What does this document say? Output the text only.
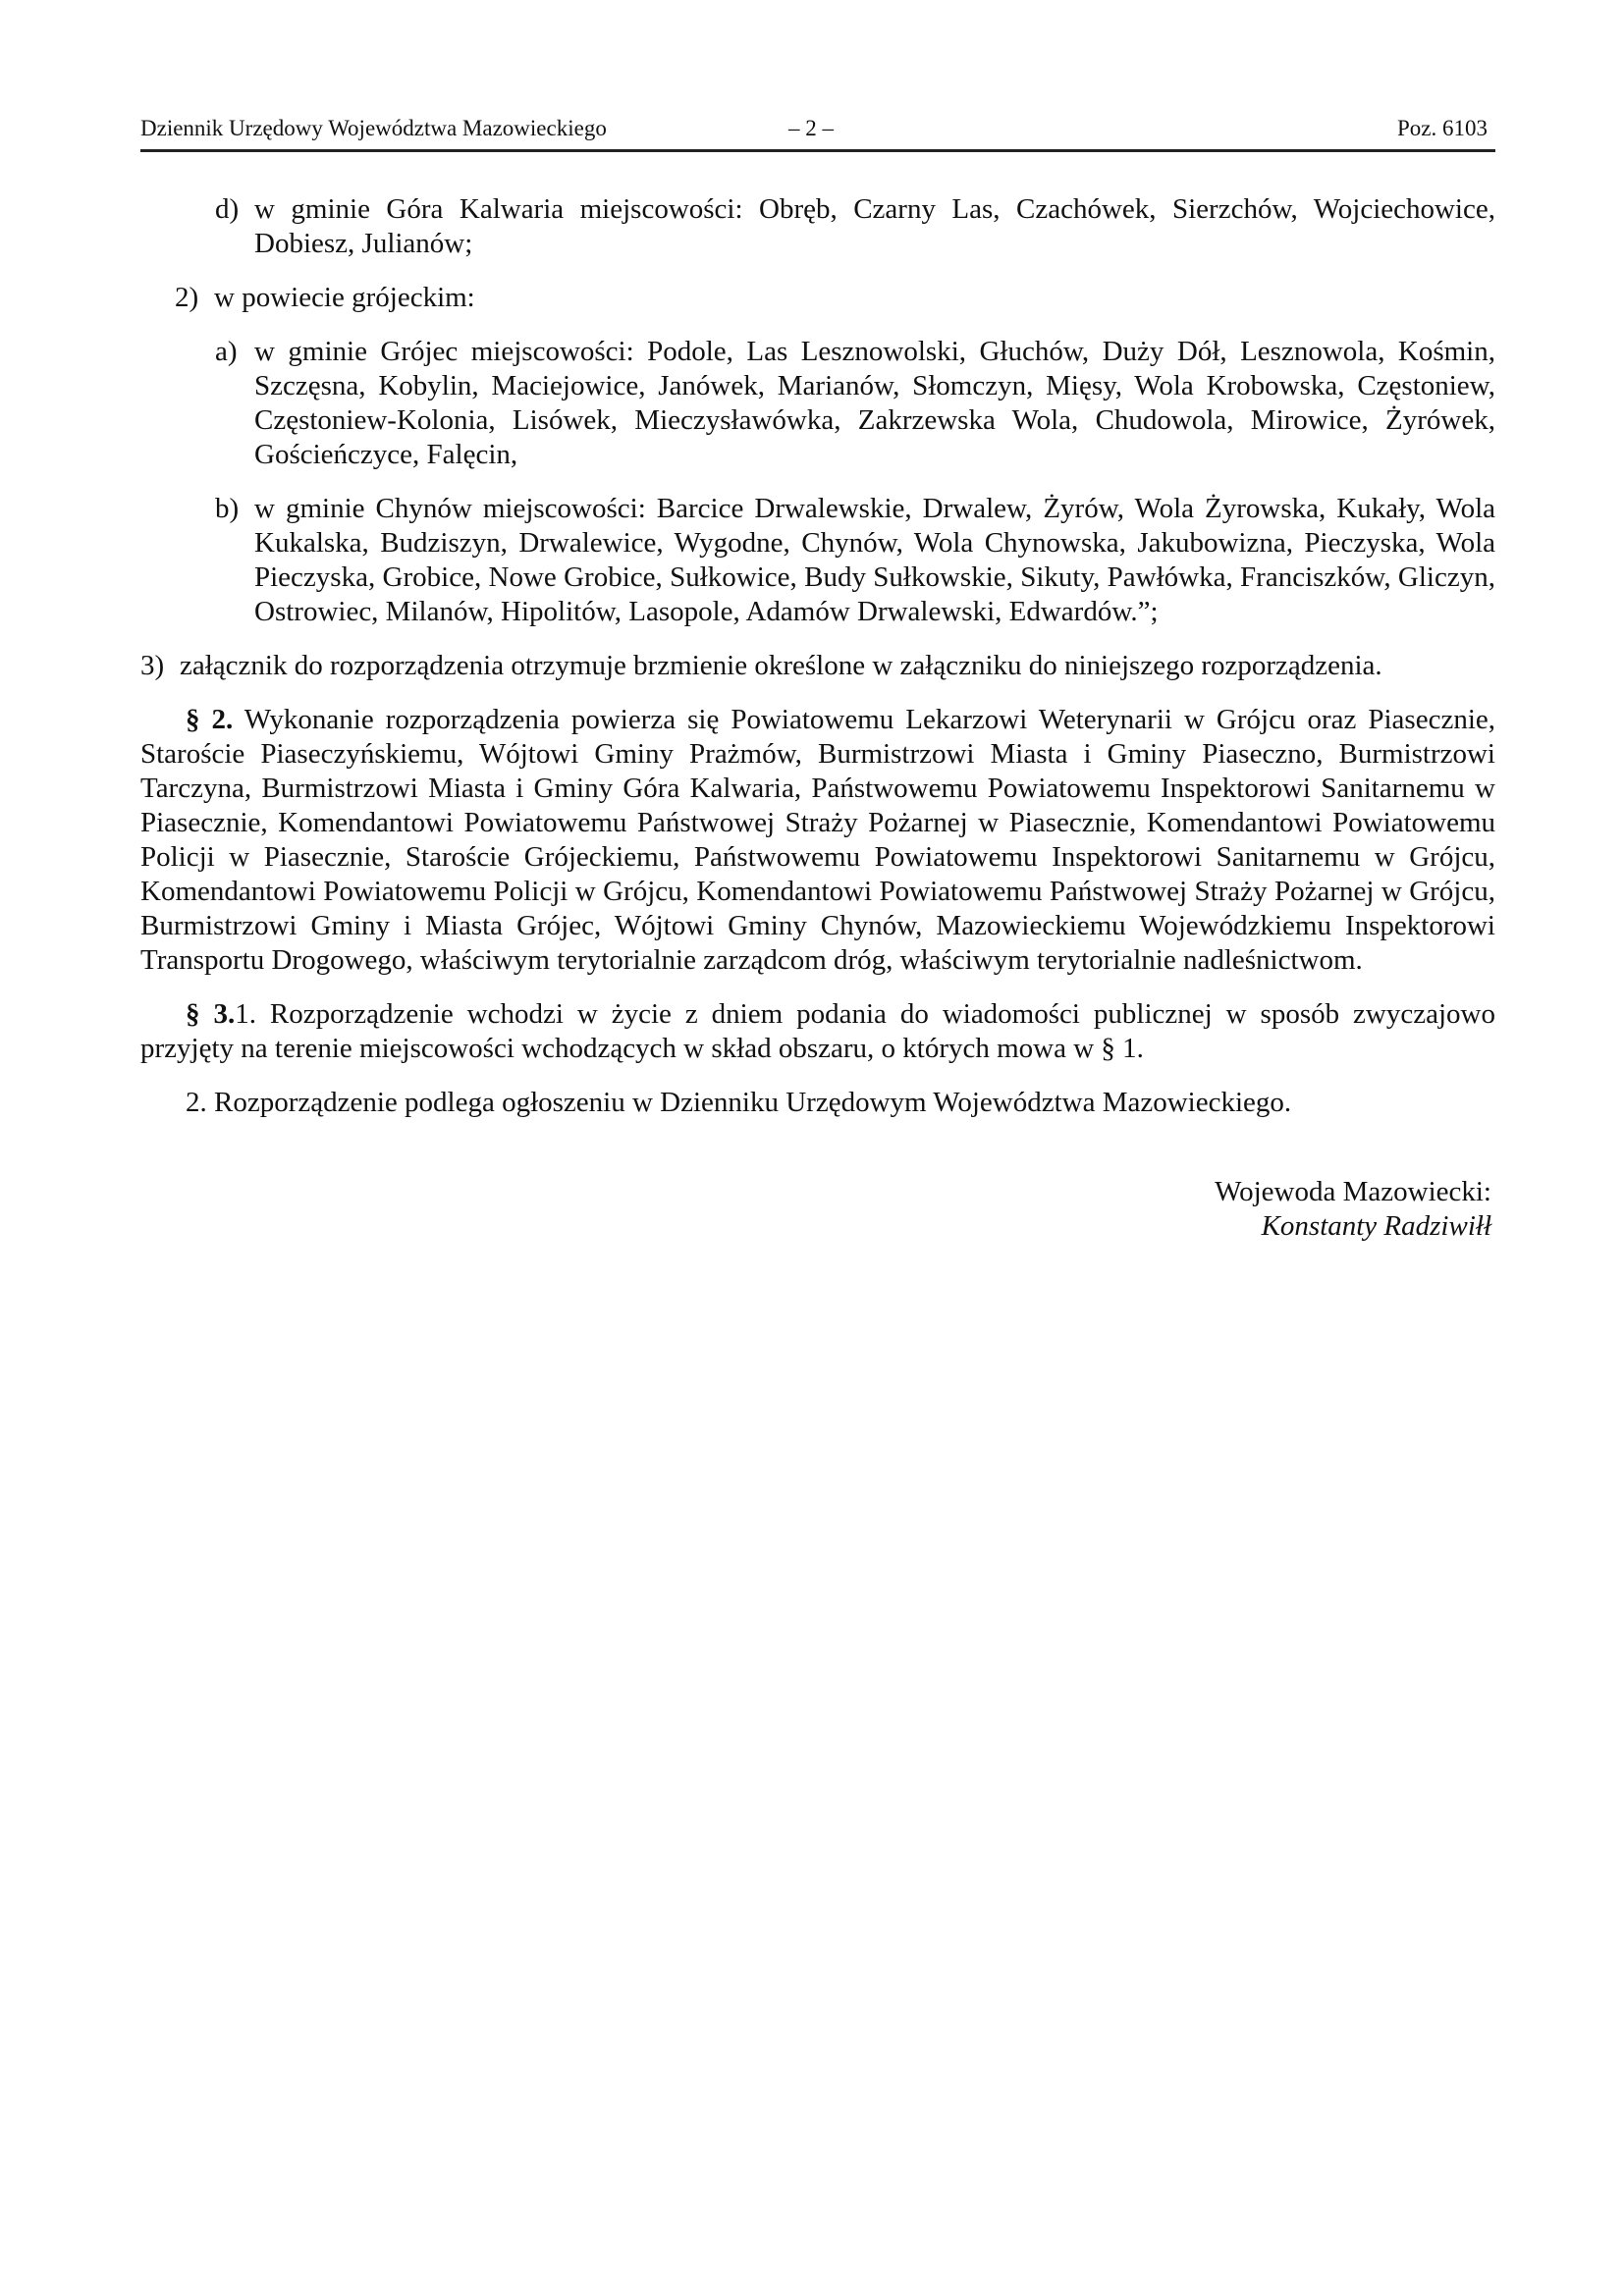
Dziennik Urzędowy Województwa Mazowieckiego	– 2 –	Poz. 6103
d) w gminie Góra Kalwaria miejscowości: Obręb, Czarny Las, Czachówek, Sierzchów, Wojciechowice, Dobiesz, Julianów;
2) w powiecie grójeckim:
a) w gminie Grójec miejscowości: Podole, Las Lesznowolski, Głuchów, Duży Dół, Lesznowola, Kośmin, Szczęsna, Kobylin, Maciejowice, Janówek, Marianów, Słomczyn, Mięsy, Wola Krobowska, Częstoniew, Częstoniew-Kolonia, Lisówek, Mieczysławówka, Zakrzewska Wola, Chudowola, Mirowice, Żyrówek, Gościeńczyce, Falęcin,
b) w gminie Chynów miejscowości: Barcice Drwalewskie, Drwalew, Żyrów, Wola Żyrowska, Kukały, Wola Kukalska, Budziszyn, Drwalewice, Wygodne, Chynów, Wola Chynowska, Jakubowizna, Pieczyska, Wola Pieczyska, Grobice, Nowe Grobice, Sułkowice, Budy Sułkowskie, Sikuty, Pawłówka, Franciszków, Gliczyn, Ostrowiec, Milanów, Hipolitów, Lasopole, Adamów Drwalewski, Edwardów.”;
3) załącznik do rozporządzenia otrzymuje brzmienie określone w załączniku do niniejszego rozporządzenia.

§ 2. Wykonanie rozporządzenia powierza się Powiatowemu Lekarzowi Weterynarii w Grójcu oraz Piasecznie, Staroście Piaseczyńskiemu, Wójtowi Gminy Prażmów, Burmistrzowi Miasta i Gminy Piaseczno, Burmistrzowi Tarczyna, Burmistrzowi Miasta i Gminy Góra Kalwaria, Państwowemu Powiatowemu Inspektorowi Sanitarnemu w Piasecznie, Komendantowi Powiatowemu Państwowej Straży Pożarnej w Piasecznie, Komendantowi Powiatowemu Policji w Piasecznie, Staroście Grójeckiemu, Państwowemu Powiatowemu Inspektorowi Sanitarnemu w Grójcu, Komendantowi Powiatowemu Policji w Grójcu, Komendantowi Powiatowemu Państwowej Straży Pożarnej w Grójcu, Burmistrzowi Gminy i Miasta Grójec, Wójtowi Gminy Chynów, Mazowieckiemu Wojewódzkiemu Inspektorowi Transportu Drogowego, właściwym terytorialnie zarządcom dróg, właściwym terytorialnie nadleśnictwom.

§ 3.1. Rozporządzenie wchodzi w życie z dniem podania do wiadomości publicznej w sposób zwyczajowo przyjęty na terenie miejscowości wchodzących w skład obszaru, o których mowa w § 1.

2. Rozporządzenie podlega ogłoszeniu w Dzienniku Urzędowym Województwa Mazowieckiego.

Wojewoda Mazowiecki:
Konstanty Radziwiłł
